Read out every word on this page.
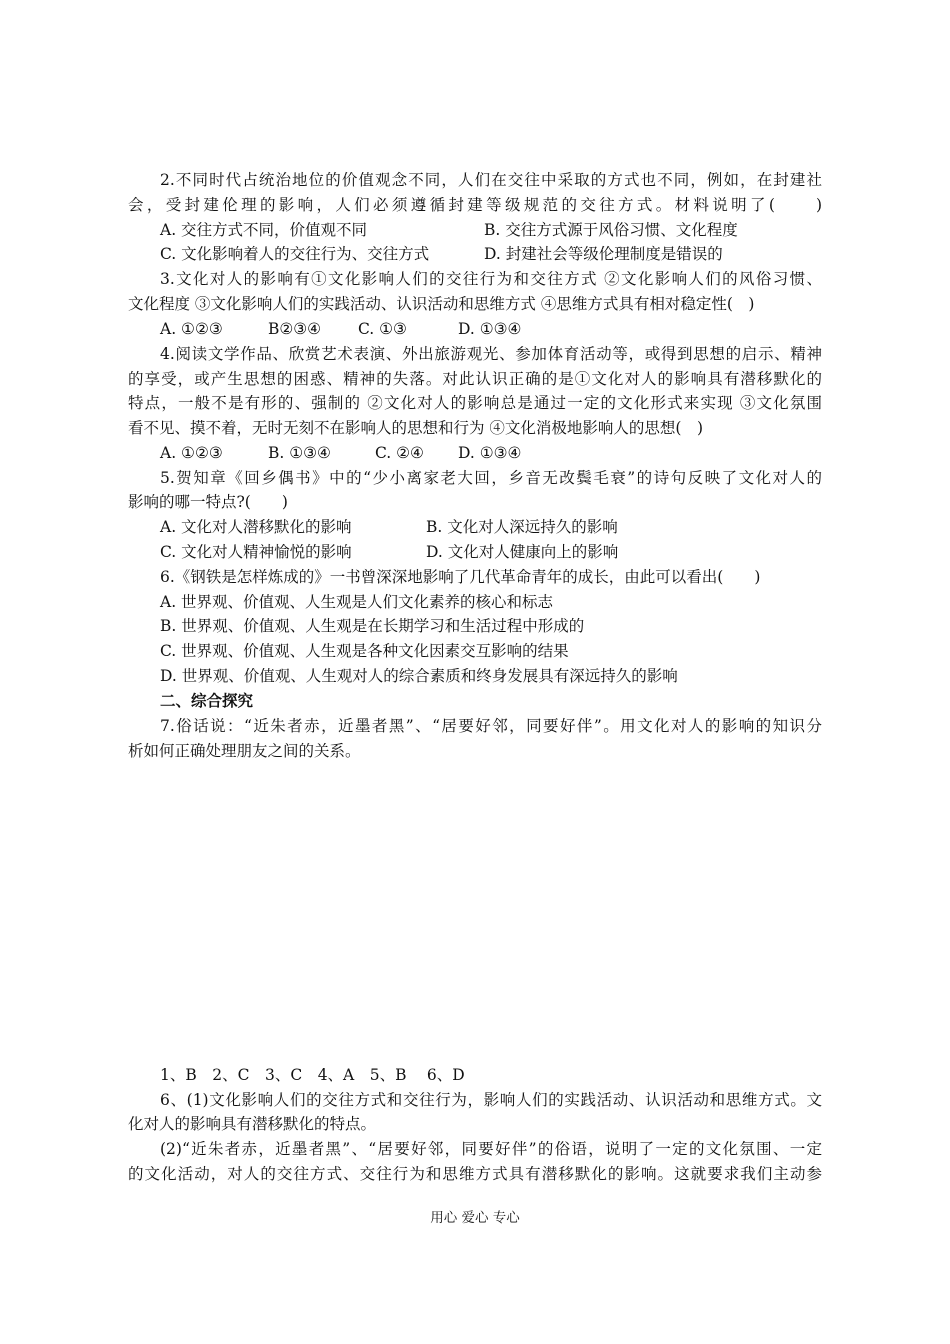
2.不同时代占统治地位的价值观念不同，人们在交往中采取的方式也不同，例如，在封建社
会，受封建伦理的影响，人们必须遵循封建等级规范的交往方式。材料说明了(　　)
A. 交往方式不同，价值观不同	B. 交往方式源于风俗习惯、文化程度
C. 文化影响着人的交往行为、交往方式	D. 封建社会等级伦理制度是错误的
3.文化对人的影响有①文化影响人们的交往行为和交往方式 ②文化影响人们的风俗习惯、
文化程度 ③文化影响人们的实践活动、认识活动和思维方式 ④思维方式具有相对稳定性(　)
A. ①②③	B②③④ C. ①③	D. ①③④
4.阅读文学作品、欣赏艺术表演、外出旅游观光、参加体育活动等，或得到思想的启示、精神
的享受，或产生思想的困惑、精神的失落。对此认识正确的是①文化对人的影响具有潜移默化的
特点，一般不是有形的、强制的 ②文化对人的影响总是通过一定的文化形式来实现 ③文化氛围
看不见、摸不着，无时无刻不在影响人的思想和行为 ④文化消极地影响人的思想(　)
A. ①②③	B. ①③④	C. ②④ D. ①③④
5.贺知章《回乡偶书》中的“少小离家老大回，乡音无改鬓毛衰”的诗句反映了文化对人的
影响的哪一特点?(　　)
A. 文化对人潜移默化的影响	B. 文化对人深远持久的影响
C. 文化对人精神愉悦的影响	D. 文化对人健康向上的影响
6.《钢铁是怎样炼成的》一书曾深深地影响了几代革命青年的成长，由此可以看出(　　)
A. 世界观、价值观、人生观是人们文化素养的核心和标志
B. 世界观、价值观、人生观是在长期学习和生活过程中形成的
C. 世界观、价值观、人生观是各种文化因素交互影响的结果
D. 世界观、价值观、人生观对人的综合素质和终身发展具有深远持久的影响
二、综合探究
7.俗话说：“近朱者赤，近墨者黑”、“居要好邻，同要好伴”。用文化对人的影响的知识分
析如何正确处理朋友之间的关系。
1、B　2、C　3、C　4、A　5、B　 6、D
6、(1)文化影响人们的交往方式和交往行为，影响人们的实践活动、认识活动和思维方式。文
化对人的影响具有潜移默化的特点。
(2)“近朱者赤，近墨者黑”、“居要好邻，同要好伴”的俗语，说明了一定的文化氛围、一定
的文化活动，对人的交往方式、交往行为和思维方式具有潜移默化的影响。这就要求我们主动参
用心 爱心 专心
